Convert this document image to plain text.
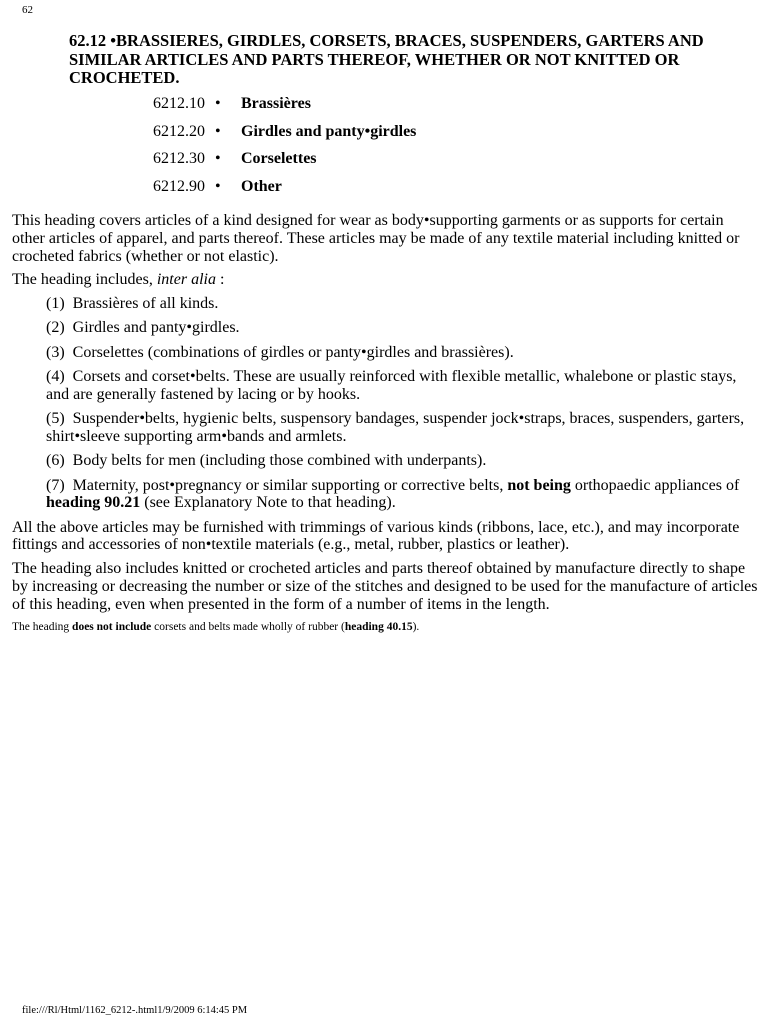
62
62.12 •BRASSIERES, GIRDLES, CORSETS, BRACES, SUSPENDERS, GARTERS AND SIMILAR ARTICLES AND PARTS THEREOF, WHETHER OR NOT KNITTED OR CROCHETED.
6212.10 • Brassières
6212.20 • Girdles and panty•girdles
6212.30 • Corselettes
6212.90 • Other

This heading covers articles of a kind designed for wear as body•supporting garments or as supports for certain other articles of apparel, and parts thereof. These articles may be made of any textile material including knitted or crocheted fabrics (whether or not elastic).

The heading includes, inter alia :

(1) Brassières of all kinds.
(2) Girdles and panty•girdles.
(3) Corselettes (combinations of girdles or panty•girdles and brassières).
(4) Corsets and corset•belts. These are usually reinforced with flexible metallic, whalebone or plastic stays, and are generally fastened by lacing or by hooks.
(5) Suspender•belts, hygienic belts, suspensory bandages, suspender jock•straps, braces, suspenders, garters, shirt•sleeve supporting arm•bands and armlets.
(6) Body belts for men (including those combined with underpants).
(7) Maternity, post•pregnancy or similar supporting or corrective belts, not being orthopaedic appliances of heading 90.21 (see Explanatory Note to that heading).

All the above articles may be furnished with trimmings of various kinds (ribbons, lace, etc.), and may incorporate fittings and accessories of non•textile materials (e.g., metal, rubber, plastics or leather).

The heading also includes knitted or crocheted articles and parts thereof obtained by manufacture directly to shape by increasing or decreasing the number or size of the stitches and designed to be used for the manufacture of articles of this heading, even when presented in the form of a number of items in the length.

The heading does not include corsets and belts made wholly of rubber (heading 40.15).

file:///Rl/Html/1162_6212-.html1/9/2009 6:14:45 PM
